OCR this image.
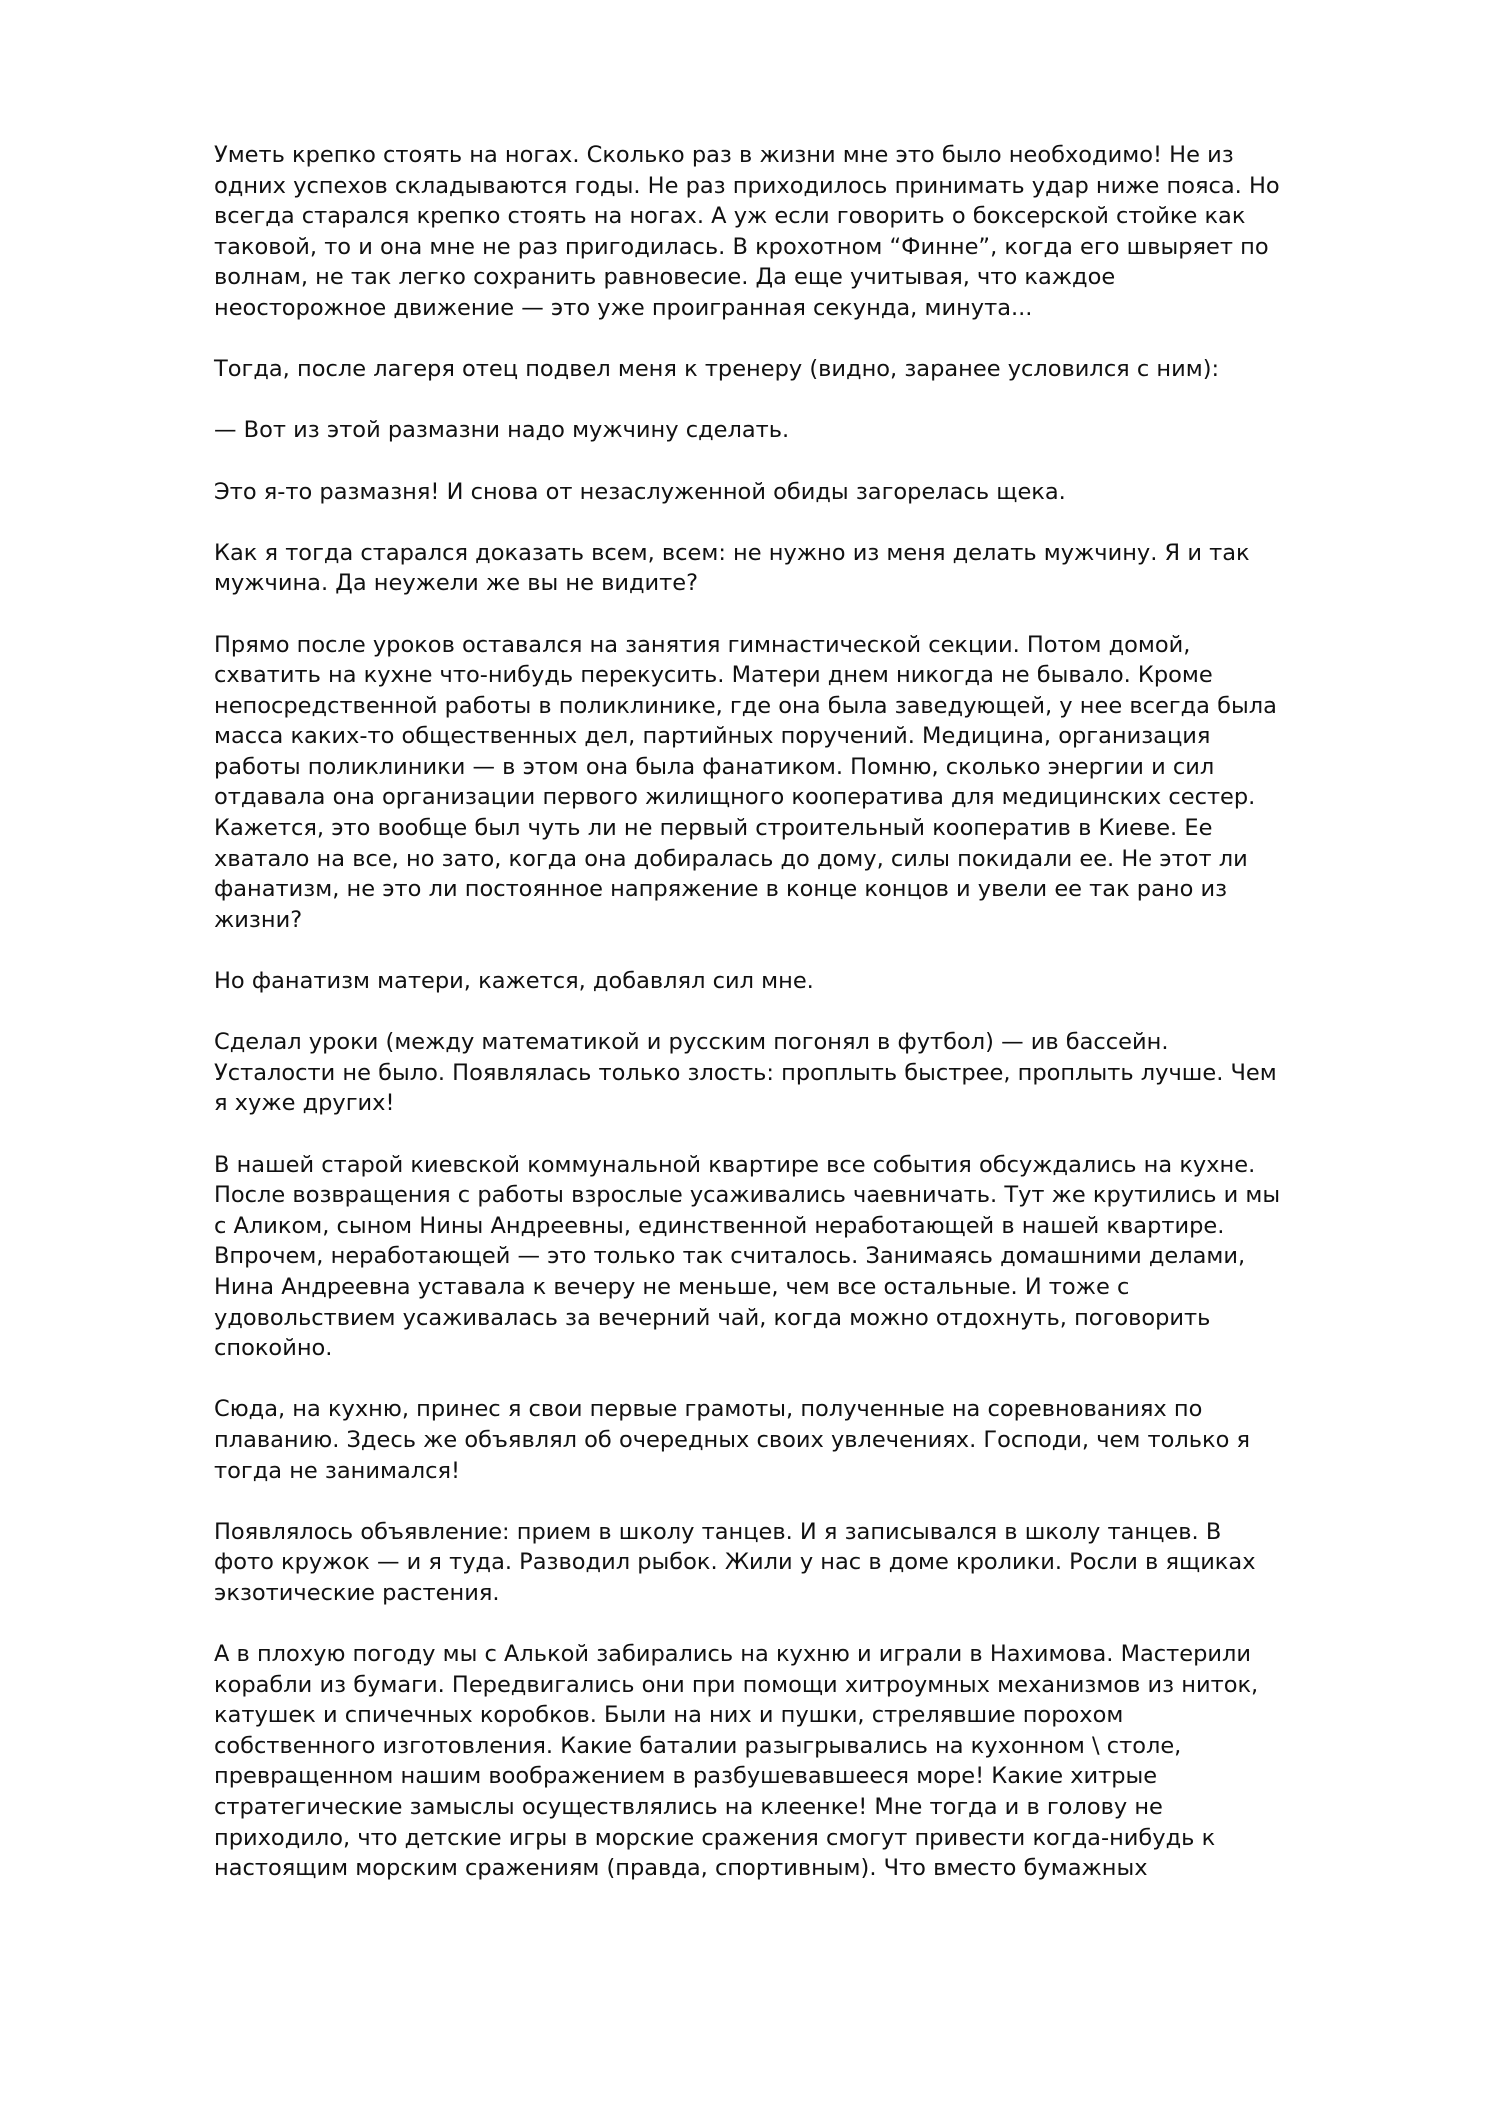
Уметь крепко стоять на ногах. Сколько раз в жизни мне это было необходимо! Не из
одних успехов складываются годы. Не раз приходилось принимать удар ниже пояса. Но
всегда старался крепко стоять на ногах. А уж если говорить о боксерской стойке как
таковой, то и она мне не раз пригодилась. В крохотном “Финне”, когда его швыряет по
волнам, не так легко сохранить равновесие. Да еще учитывая, что каждое
неосторожное движение — это уже проигранная секунда, минута...

Тогда, после лагеря отец подвел меня к тренеру (видно, заранее условился с ним):

— Вот из этой размазни надо мужчину сделать.

Это я-то размазня! И снова от незаслуженной обиды загорелась щека.

Как я тогда старался доказать всем, всем: не нужно из меня делать мужчину. Я и так
мужчина. Да неужели же вы не видите?

Прямо после уроков оставался на занятия гимнастической секции. Потом домой,
схватить на кухне что-нибудь перекусить. Матери днем никогда не бывало. Кроме
непосредственной работы в поликлинике, где она была заведующей, у нее всегда была
масса каких-то общественных дел, партийных поручений. Медицина, организация
работы поликлиники — в этом она была фанатиком. Помню, сколько энергии и сил
отдавала она организации первого жилищного кооператива для медицинских сестер.
Кажется, это вообще был чуть ли не первый строительный кооператив в Киеве. Ее
хватало на все, но зато, когда она добиралась до дому, силы покидали ее. Не этот ли
фанатизм, не это ли постоянное напряжение в конце концов и увели ее так рано из
жизни?

Но фанатизм матери, кажется, добавлял сил мне.

Сделал уроки (между математикой и русским погонял в футбол) — ив бассейн.
Усталости не было. Появлялась только злость: проплыть быстрее, проплыть лучше. Чем
я хуже других!

В нашей старой киевской коммунальной квартире все события обсуждались на кухне.
После возвращения с работы взрослые усаживались чаевничать. Тут же крутились и мы
с Аликом, сыном Нины Андреевны, единственной неработающей в нашей квартире.
Впрочем, неработающей — это только так считалось. Занимаясь домашними делами,
Нина Андреевна уставала к вечеру не меньше, чем все остальные. И тоже с
удовольствием усаживалась за вечерний чай, когда можно отдохнуть, поговорить
спокойно.

Сюда, на кухню, принес я свои первые грамоты, полученные на соревнованиях по
плаванию. Здесь же объявлял об очередных своих увлечениях. Господи, чем только я
тогда не занимался!

Появлялось объявление: прием в школу танцев. И я записывался в школу танцев. В
фото кружок — и я туда. Разводил рыбок. Жили у нас в доме кролики. Росли в ящиках
экзотические растения.

А в плохую погоду мы с Алькой забирались на кухню и играли в Нахимова. Мастерили
корабли из бумаги. Передвигались они при помощи хитроумных механизмов из ниток,
катушек и спичечных коробков. Были на них и пушки, стрелявшие порохом
собственного изготовления. Какие баталии разыгрывались на кухонном \ столе,
превращенном нашим воображением в разбушевавшееся море! Какие хитрые
стратегические замыслы осуществлялись на клеенке! Мне тогда и в голову не
приходило, что детские игры в морские сражения смогут привести когда-нибудь к
настоящим морским сражениям (правда, спортивным). Что вместо бумажных
